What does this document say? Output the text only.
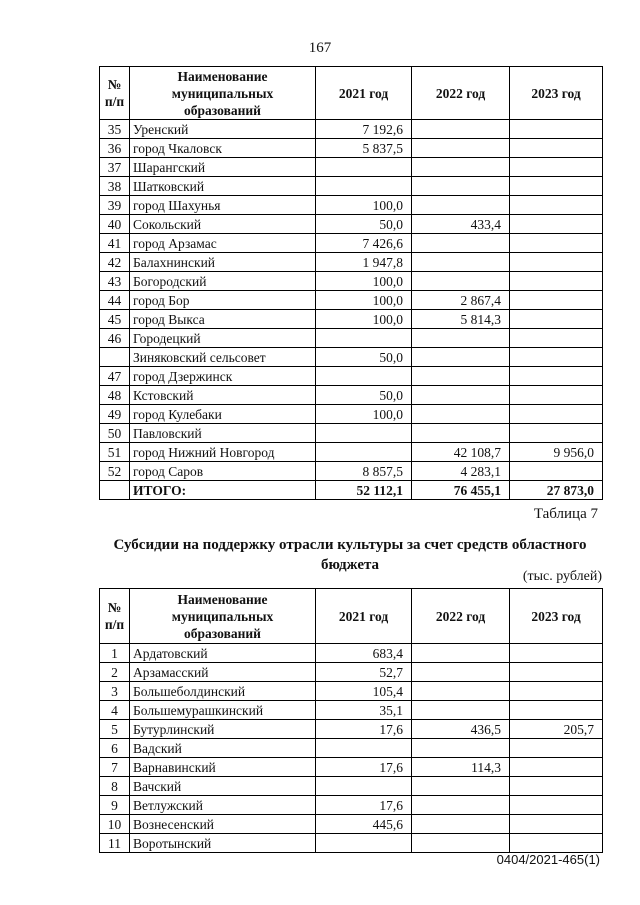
167
№ п/п	Наименование муниципальных образований	2021 год	2022 год	2023 год
35	Уренский	7 192,6		
36	город Чкаловск	5 837,5		
37	Шарангский			
38	Шатковский			
39	город Шахунья	100,0		
40	Сокольский	50,0	433,4	
41	город Арзамас	7 426,6		
42	Балахнинский	1 947,8		
43	Богородский	100,0		
44	город Бор	100,0	2 867,4	
45	город Выкса	100,0	5 814,3	
46	Городецкий			
	Зиняковский сельсовет	50,0		
47	город Дзержинск			
48	Кстовский	50,0		
49	город Кулебаки	100,0		
50	Павловский			
51	город Нижний Новгород		42 108,7	9 956,0
52	город Саров	8 857,5	4 283,1	
	ИТОГО:	52 112,1	76 455,1	27 873,0
Таблица 7
Субсидии на поддержку отрасли культуры за счет средств областного бюджета
(тыс. рублей)
№ п/п	Наименование муниципальных образований	2021 год	2022 год	2023 год
1	Ардатовский	683,4		
2	Арзамасский	52,7		
3	Большеболдинский	105,4		
4	Большемурашкинский	35,1		
5	Бутурлинский	17,6	436,5	205,7
6	Вадский			
7	Варнавинский	17,6	114,3	
8	Вачский			
9	Ветлужский	17,6		
10	Вознесенский	445,6		
11	Воротынский			
0404/2021-465(1)
